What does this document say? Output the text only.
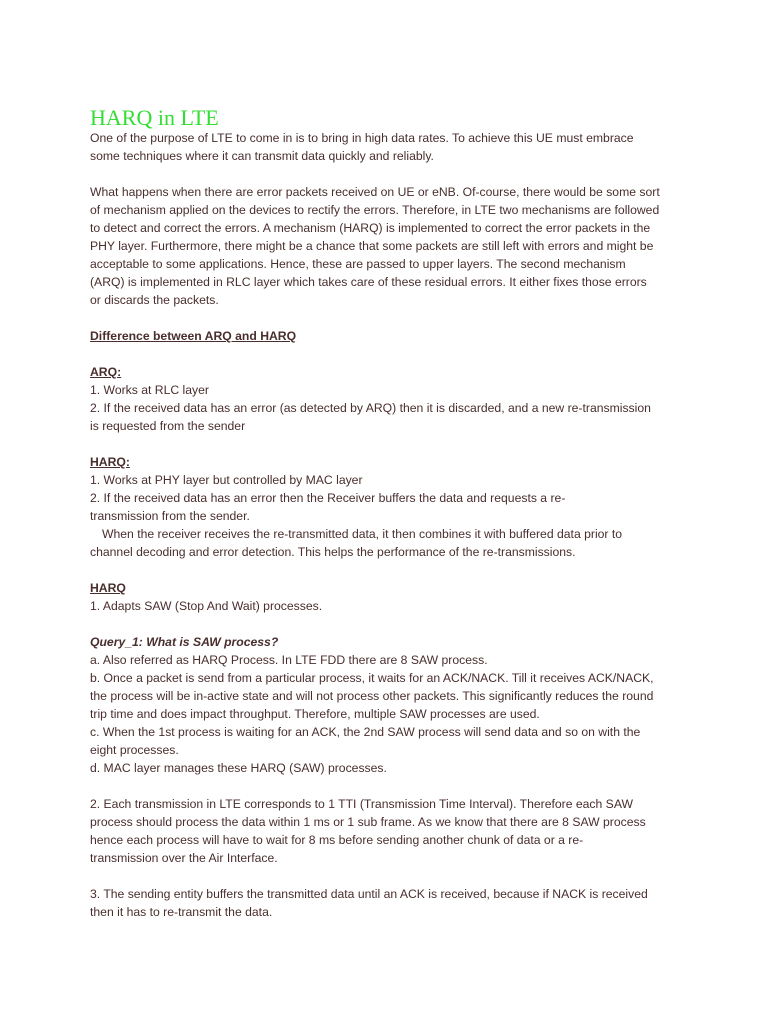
HARQ in LTE

One of the purpose of LTE to come in is to bring in high data rates. To achieve this UE must embrace

some techniques where it can transmit data quickly and reliably.

What happens when there are error packets received on UE or eNB. Of-course, there would be some sort

of mechanism applied on the devices to rectify the errors. Therefore, in LTE two mechanisms are followed

to detect and correct the errors. A mechanism (HARQ) is implemented to correct the error packets in the

PHY layer. Furthermore, there might be a chance that some packets are still left with errors and might be

acceptable to some applications. Hence, these are passed to upper layers. The second mechanism

(ARQ) is implemented in RLC layer which takes care of these residual errors. It either fixes those errors

or discards the packets.

Difference between ARQ and HARQ

ARQ:

1. Works at RLC layer

2. If the received data has an error (as detected by ARQ) then it is discarded, and a new re-transmission

is requested from the sender

HARQ:

1. Works at PHY layer but controlled by MAC layer

2. If the received data has an error then the Receiver buffers the data and requests a re-

transmission from the sender.

When the receiver receives the re-transmitted data, it then combines it with buffered data prior to

channel decoding and error detection. This helps the performance of the re-transmissions.

HARQ

1. Adapts SAW (Stop And Wait) processes.

Query_1: What is SAW process?

a. Also referred as HARQ Process. In LTE FDD there are 8 SAW process.

b. Once a packet is send from a particular process, it waits for an ACK/NACK. Till it receives ACK/NACK,

the process will be in-active state and will not process other packets. This significantly reduces the round

trip time and does impact throughput. Therefore, multiple SAW processes are used.

c. When the 1st process is waiting for an ACK, the 2nd SAW process will send data and so on with the

eight processes.

d. MAC layer manages these HARQ (SAW) processes.

2. Each transmission in LTE corresponds to 1 TTI (Transmission Time Interval). Therefore each SAW

process should process the data within 1 ms or 1 sub frame. As we know that there are 8 SAW process

hence each process will have to wait for 8 ms before sending another chunk of data or a re-

transmission over the Air Interface.

3. The sending entity buffers the transmitted data until an ACK is received, because if NACK is received

then it has to re-transmit the data.
